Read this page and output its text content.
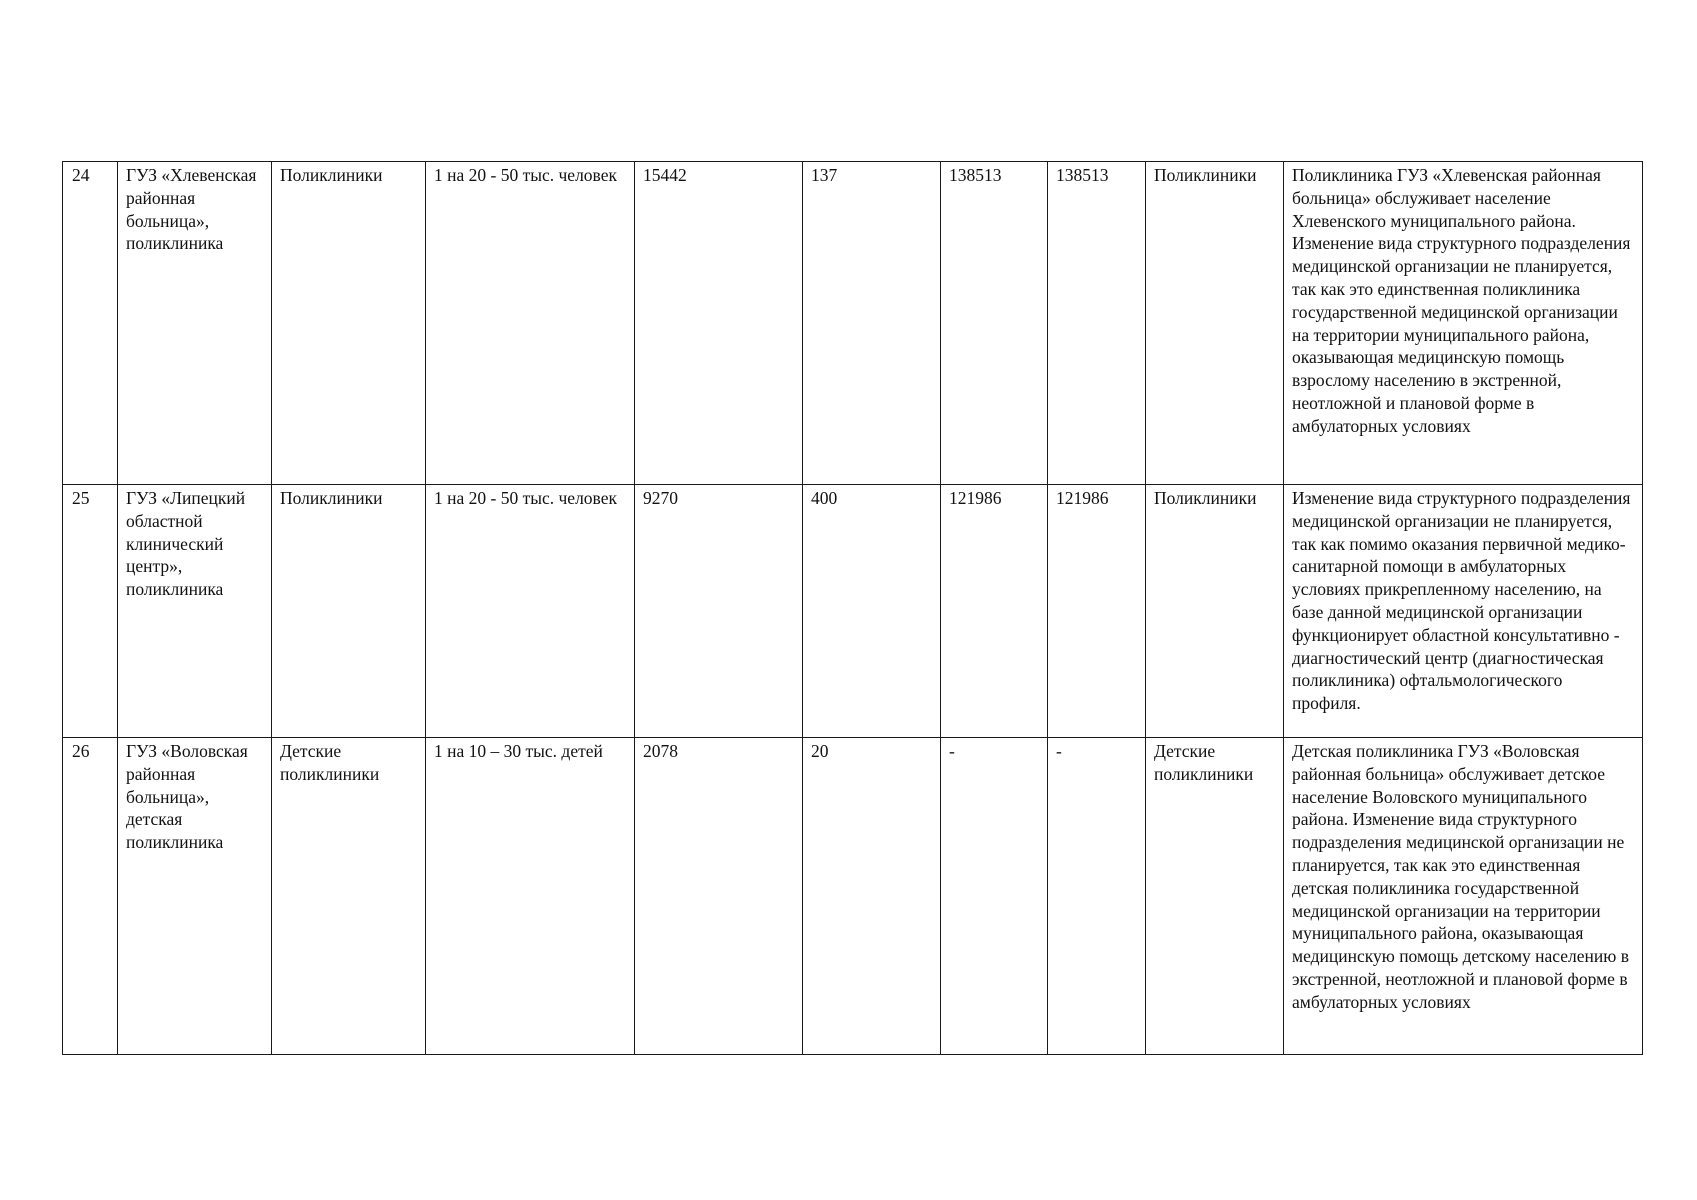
24	ГУЗ «Хлевенская районная больница», поликлиника	Поликлиники	1 на 20 - 50 тыс. человек	15442	137	138513	138513	Поликлиники	Поликлиника ГУЗ «Хлевенская районная больница» обслуживает население Хлевенского муниципального района. Изменение вида структурного подразделения медицинской организации не планируется, так как это единственная поликлиника государственной медицинской организации на территории муниципального района, оказывающая медицинскую помощь взрослому населению в экстренной, неотложной и плановой форме в амбулаторных условиях
25	ГУЗ «Липецкий областной клинический центр», поликлиника	Поликлиники	1 на 20 - 50 тыс. человек	9270	400	121986	121986	Поликлиники	Изменение вида структурного подразделения медицинской организации не планируется, так как помимо оказания первичной медико-санитарной помощи в амбулаторных условиях прикрепленному населению, на базе данной медицинской организации функционирует областной консультативно - диагностический центр (диагностическая поликлиника) офтальмологического профиля.
26	ГУЗ «Воловская районная больница», детская поликлиника	Детские поликлиники	1 на 10 – 30 тыс. детей	2078	20	-	-	Детские поликлиники	Детская поликлиника ГУЗ «Воловская районная больница» обслуживает детское население Воловского муниципального района. Изменение вида структурного подразделения медицинской организации не планируется, так как это единственная детская поликлиника государственной медицинской организации на территории муниципального района, оказывающая медицинскую помощь детскому населению в экстренной, неотложной и плановой форме в амбулаторных условиях
